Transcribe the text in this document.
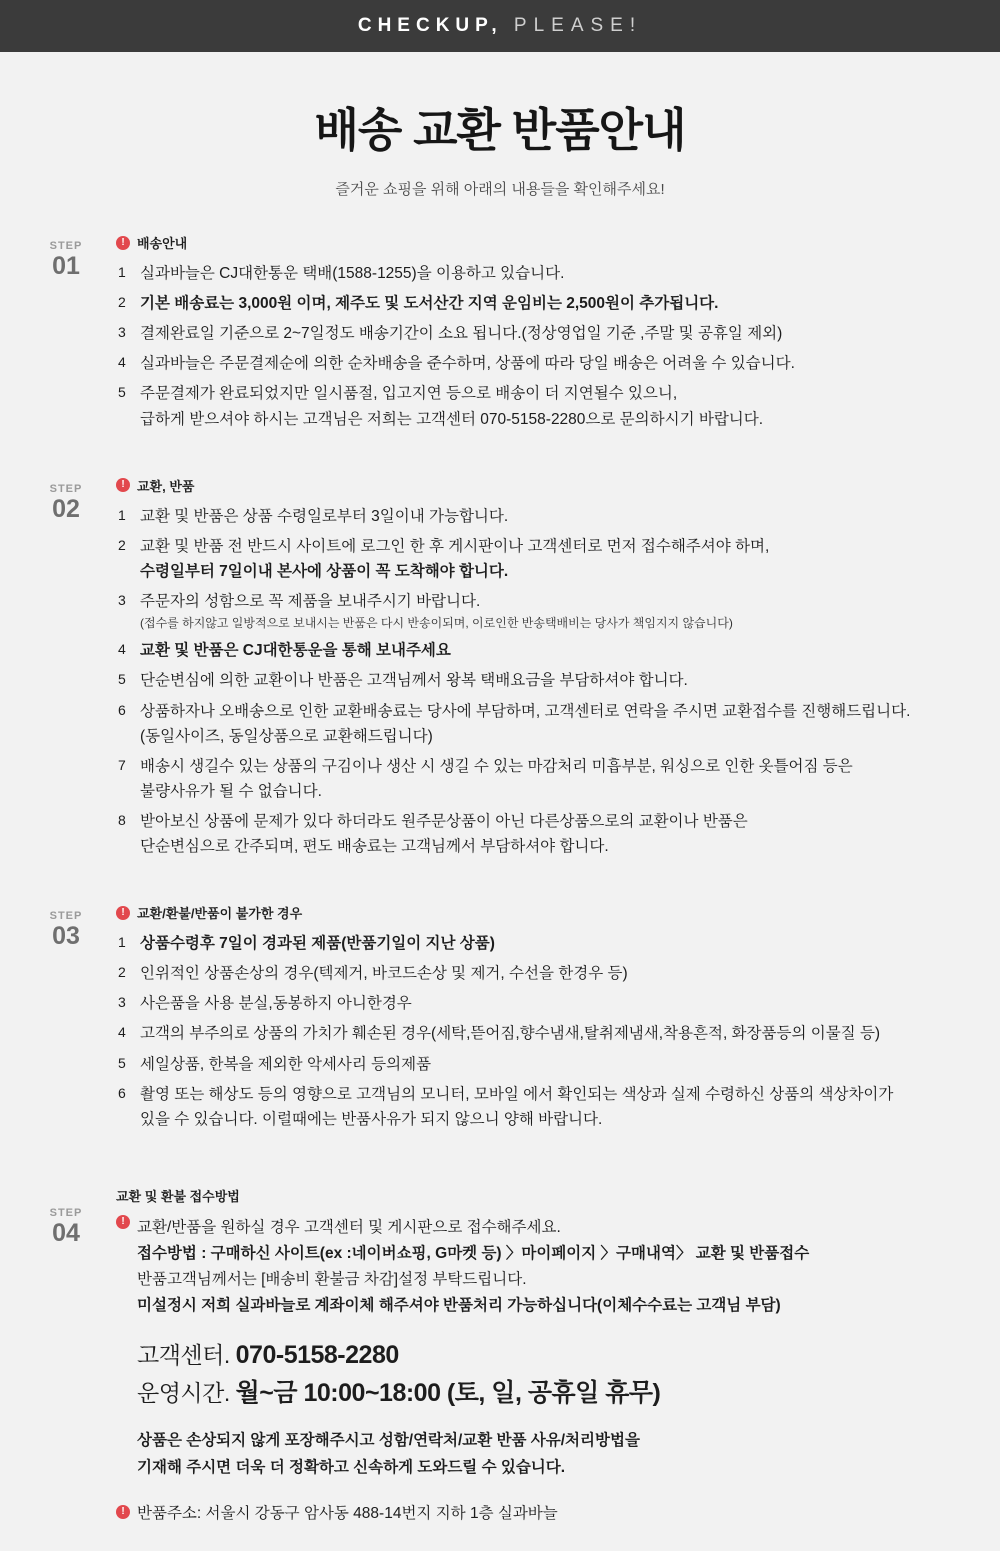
CHECKUP, PLEASE!
배송 교환 반품안내
즐거운 쇼핑을 위해 아래의 내용들을 확인해주세요!
STEP
01
! 배송안내
1 실과바늘은 CJ대한통운 택배(1588-1255)을 이용하고 있습니다.
2 기본 배송료는 3,000원 이며, 제주도 및 도서산간 지역 운임비는 2,500원이 추가됩니다.
3 결제완료일 기준으로 2~7일정도 배송기간이 소요 됩니다.(정상영업일 기준 ,주말 및 공휴일 제외)
4 실과바늘은 주문결제순에 의한 순차배송을 준수하며, 상품에 따라 당일 배송은 어려울 수 있습니다.
5 주문결제가 완료되었지만 일시품절, 입고지연 등으로 배송이 더 지연될수 있으니,
급하게 받으셔야 하시는 고객님은 저희는 고객센터 070-5158-2280으로 문의하시기 바랍니다.
STEP
02
! 교환, 반품
1 교환 및 반품은 상품 수령일로부터 3일이내 가능합니다.
2 교환 및 반품 전 반드시 사이트에 로그인 한 후 게시판이나 고객센터로 먼저 접수해주셔야 하며,
수령일부터 7일이내 본사에 상품이 꼭 도착해야 합니다.
3 주문자의 성함으로 꼭 제품을 보내주시기 바랍니다.
(접수를 하지않고 일방적으로 보내시는 반품은 다시 반송이되며, 이로인한 반송택배비는 당사가 책임지지 않습니다)
4 교환 및 반품은 CJ대한통운을 통해 보내주세요
5 단순변심에 의한 교환이나 반품은 고객님께서 왕복 택배요금을 부담하셔야 합니다.
6 상품하자나 오배송으로 인한 교환배송료는 당사에 부담하며, 고객센터로 연락을 주시면 교환접수를 진행해드립니다.
(동일사이즈, 동일상품으로 교환해드립니다)
7 배송시 생길수 있는 상품의 구김이나 생산 시 생길 수 있는 마감처리 미흡부분, 워싱으로 인한 옷틀어짐 등은
불량사유가 될 수 없습니다.
8 받아보신 상품에 문제가 있다 하더라도 원주문상품이 아닌 다른상품으로의 교환이나 반품은
단순변심으로 간주되며, 편도 배송료는 고객님께서 부담하셔야 합니다.
STEP
03
! 교환/환불/반품이 불가한 경우
1 상품수령후 7일이 경과된 제품(반품기일이 지난 상품)
2 인위적인 상품손상의 경우(텍제거, 바코드손상 및 제거, 수선을 한경우 등)
3 사은품을 사용 분실,동봉하지 아니한경우
4 고객의 부주의로 상품의 가치가 훼손된 경우(세탁,뜯어짐,향수냄새,탈취제냄새,착용흔적, 화장품등의 이물질 등)
5 세일상품, 한복을 제외한 악세사리 등의제품
6 촬영 또는 해상도 등의 영향으로 고객님의 모니터, 모바일 에서 확인되는 색상과 실제 수령하신 상품의 색상차이가
있을 수 있습니다. 이럴때에는 반품사유가 되지 않으니 양해 바랍니다.
STEP
04
교환 및 환불 접수방법
! 교환/반품을 원하실 경우 고객센터 및 게시판으로 접수해주세요.
접수방법 : 구매하신 사이트(ex :네이버쇼핑, G마켓 등) 〉마이페이지 〉구매내역〉 교환 및 반품접수
반품고객님께서는 [배송비 환불금 차감]설정 부탁드립니다.
미설정시 저희 실과바늘로 계좌이체 해주셔야 반품처리 가능하십니다(이체수수료는 고객님 부담)
고객센터. 070-5158-2280
운영시간. 월~금 10:00~18:00 (토, 일, 공휴일 휴무)
상품은 손상되지 않게 포장해주시고 성함/연락처/교환 반품 사유/처리방법을
기재해 주시면 더욱 더 정확하고 신속하게 도와드릴 수 있습니다.
! 반품주소: 서울시 강동구 암사동 488-14번지 지하 1층 실과바늘
